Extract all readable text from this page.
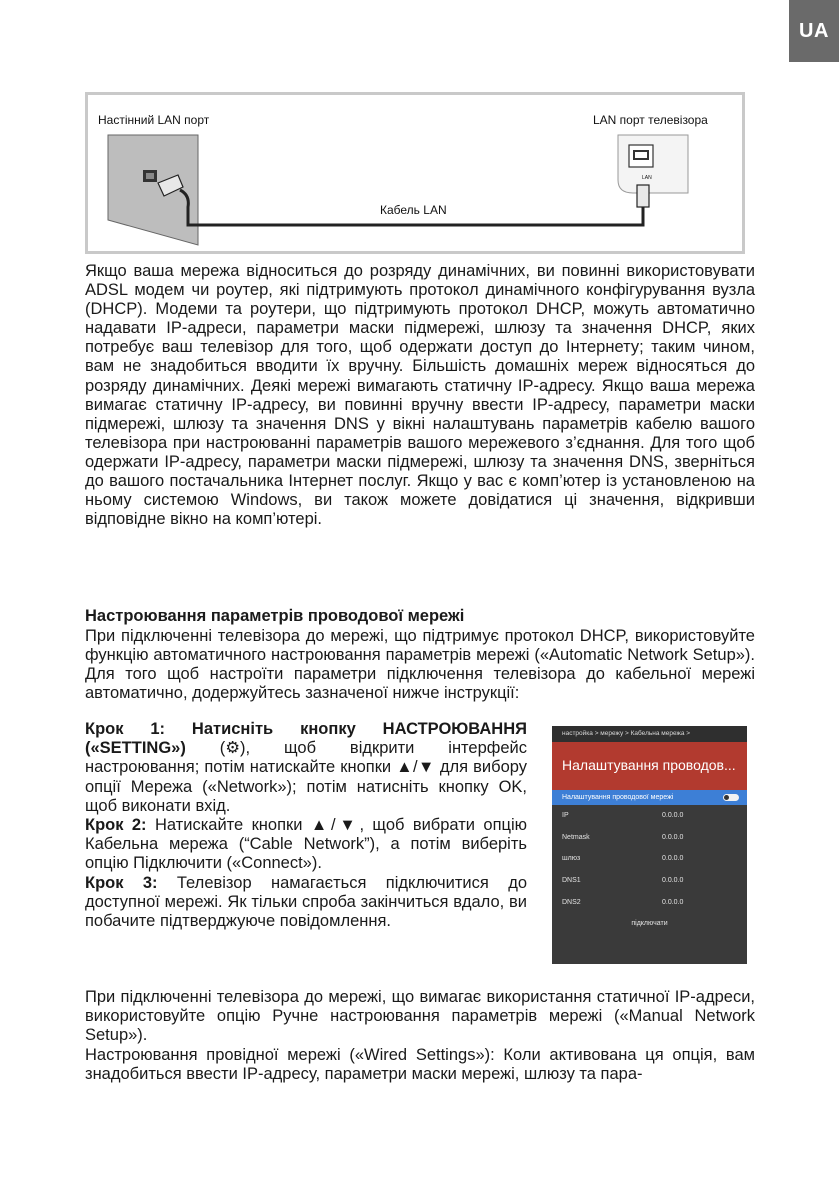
UA
Настінний LAN порт	LAN порт телевізора
Кабель LAN
LAN

Якщо ваша мережа відноситься до розряду динамічних, ви повинні використовувати ADSL модем чи роутер, які підтримують протокол динамічного конфігурування вузла (DHCP). Модеми та роутери, що підтримують протокол DHCP, можуть автоматично надавати IP-адреси, параметри маски підмережі, шлюзу та значення DHCP, яких потребує ваш телевізор для того, щоб одержати доступ до Інтернету; таким чином, вам не знадобиться вводити їх вручну. Більшість домашніх мереж відносяться до розряду динамічних. Деякі мережі вимагають статичну IP-адресу. Якщо ваша мережа вимагає статичну IP-адресу, ви повинні вручну ввести IP-адресу, параметри маски підмережі, шлюзу та значення DNS у вікні налаштувань параметрів кабелю вашого телевізора при настроюванні параметрів вашого мережевого з’єднання. Для того щоб одержати IP-адресу, параметри маски підмережі, шлюзу та значення DNS, зверніться до вашого постачальника Інтернет послуг. Якщо у вас є комп’ютер із установленою на ньому системою Windows, ви також можете довідатися ці значення, відкривши відповідне вікно на комп’ютері.

Настроювання параметрів проводової мережі

При підключенні телевізора до мережі, що підтримує протокол DHCP, використовуйте функцію автоматичного настроювання параметрів мережі («Automatic Network Setup»). Для того щоб настроїти параметри підключення телевізора до кабельної мережі автоматично, додержуйтесь зазначеної нижче інструкції:

Крок 1: Натисніть кнопку НАСТРОЮВАННЯ («SETTING») (⚙), щоб відкрити інтерфейс настроювання; потім натискайте кнопки ▲/▼ для вибору опції Мережа («Network»); потім натисніть кнопку OK, щоб виконати вхід.

Крок 2: Натискайте кнопки ▲/▼, щоб вибрати опцію Кабельна мережа (“Cable Network”), а потім виберіть опцію Підключити («Connect»).

Крок 3: Телевізор намагається підключитися до доступної мережі. Як тільки спроба закінчиться вдало, ви побачите підтверджуюче повідомлення.

настройка > мережу > Кабельна мережа >
Налаштування проводов...
Налаштування проводової мережі
IP	0.0.0.0
Netmask	0.0.0.0
шлюз	0.0.0.0
DNS1	0.0.0.0
DNS2	0.0.0.0
підключати

При підключенні телевізора до мережі, що вимагає використання статичної IP-адреси, використовуйте опцію Ручне настроювання параметрів мережі («Manual Network Setup»).

Настроювання провідної мережі («Wired Settings»): Коли активована ця опція, вам знадобиться ввести IP-адресу, параметри маски мережі, шлюзу та пара-
